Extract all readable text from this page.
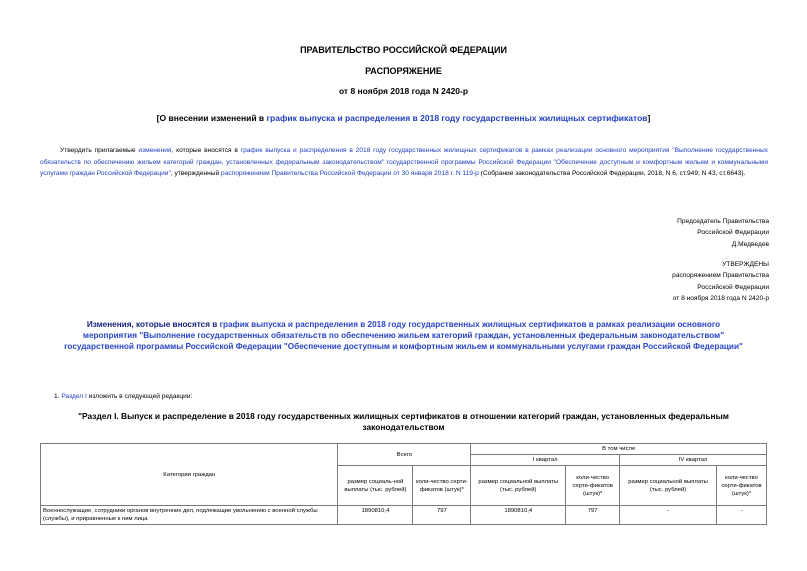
ПРАВИТЕЛЬСТВО РОССИЙСКОЙ ФЕДЕРАЦИИ
РАСПОРЯЖЕНИЕ
от 8 ноября 2018 года N 2420-р
[О внесении изменений в график выпуска и распределения в 2018 году государственных жилищных сертификатов]
Утвердить прилагаемые изменения, которые вносятся в график выпуска и распределения в 2018 году государственных жилищных сертификатов в рамках реализации основного мероприятия "Выполнение государственных обязательств по обеспечению жильем категорий граждан, установленных федеральным законодательством" государственной программы Российской Федерации "Обеспечение доступным и комфортным жильем и коммунальными услугами граждан Российской Федерации", утвержденный распоряжением Правительства Российской Федерации от 30 января 2018 г. N 119-р (Собрание законодательства Российской Федерации, 2018, N 6, ст.949; N 43, ст.6643).
Председатель Правительства
Российской Федерации
Д.Медведев
УТВЕРЖДЕНЫ
распоряжением Правительства
Российской Федерации
от 8 ноября 2018 года N 2420-р
Изменения, которые вносятся в график выпуска и распределения в 2018 году государственных жилищных сертификатов в рамках реализации основного мероприятия "Выполнение государственных обязательств по обеспечению жильем категорий граждан, установленных федеральным законодательством" государственной программы Российской Федерации "Обеспечение доступным и комфортным жильем и коммунальными услугами граждан Российской Федерации"
1. Раздел I изложить в следующей редакции:
"Раздел I. Выпуск и распределение в 2018 году государственных жилищных сертификатов в отношении категорий граждан, установленных федеральным законодательством
Категории граждан	Всего		В том числе			
			I квартал		IV квартал	
	размер социаль-ной выплаты (тыс. рублей)	коли-чество серти-фикатов (штук)*	размер социальной выплаты (тыс. рублей)	коли-чество серти-фикатов (штук)*	размер социальной выплаты (тыс. рублей)	коли-чество серти-фикатов (штук)*
Военнослужащие, сотрудники органов внутренних дел, подлежащие увольнению с военной службы (службы), и приравненные к ним лица	1890810,4	797	1890810,4	797	-	-
